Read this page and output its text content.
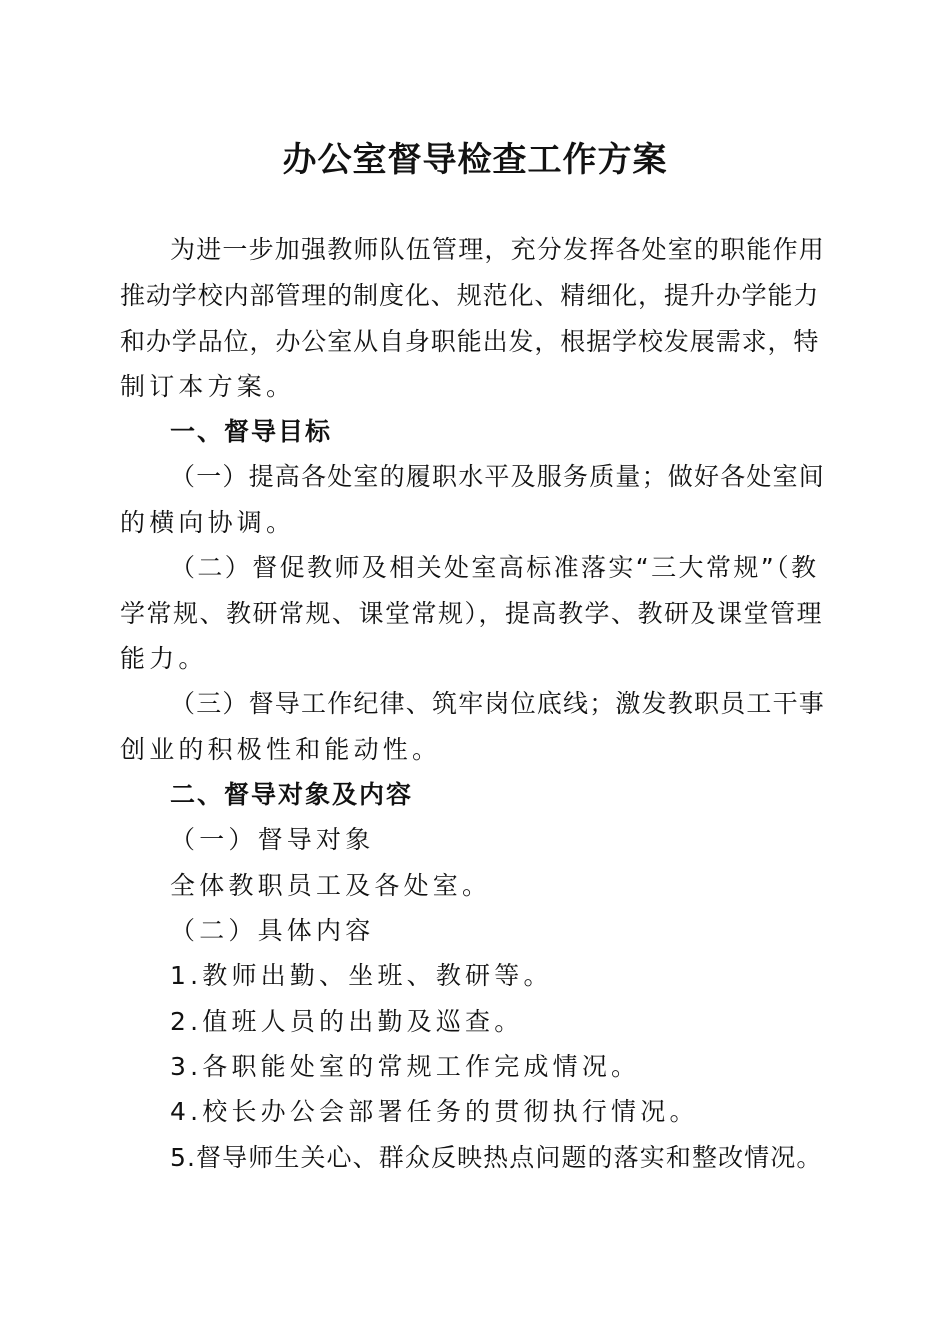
办公室督导检查工作方案
为进一步加强教师队伍管理，充分发挥各处室的职能作用
推动学校内部管理的制度化、规范化、精细化，提升办学能力
和办学品位，办公室从自身职能出发，根据学校发展需求，特
制订本方案。
一、督导目标
（一）提高各处室的履职水平及服务质量；做好各处室间
的横向协调。
（二）督促教师及相关处室高标准落实“三大常规”（教
学常规、教研常规、课堂常规），提高教学、教研及课堂管理
能力。
（三）督导工作纪律、筑牢岗位底线；激发教职员工干事
创业的积极性和能动性。
二、督导对象及内容
（一）督导对象
全体教职员工及各处室。
（二）具体内容
1.教师出勤、坐班、教研等。
2.值班人员的出勤及巡查。
3.各职能处室的常规工作完成情况。
4.校长办公会部署任务的贯彻执行情况。
5.督导师生关心、群众反映热点问题的落实和整改情况。
